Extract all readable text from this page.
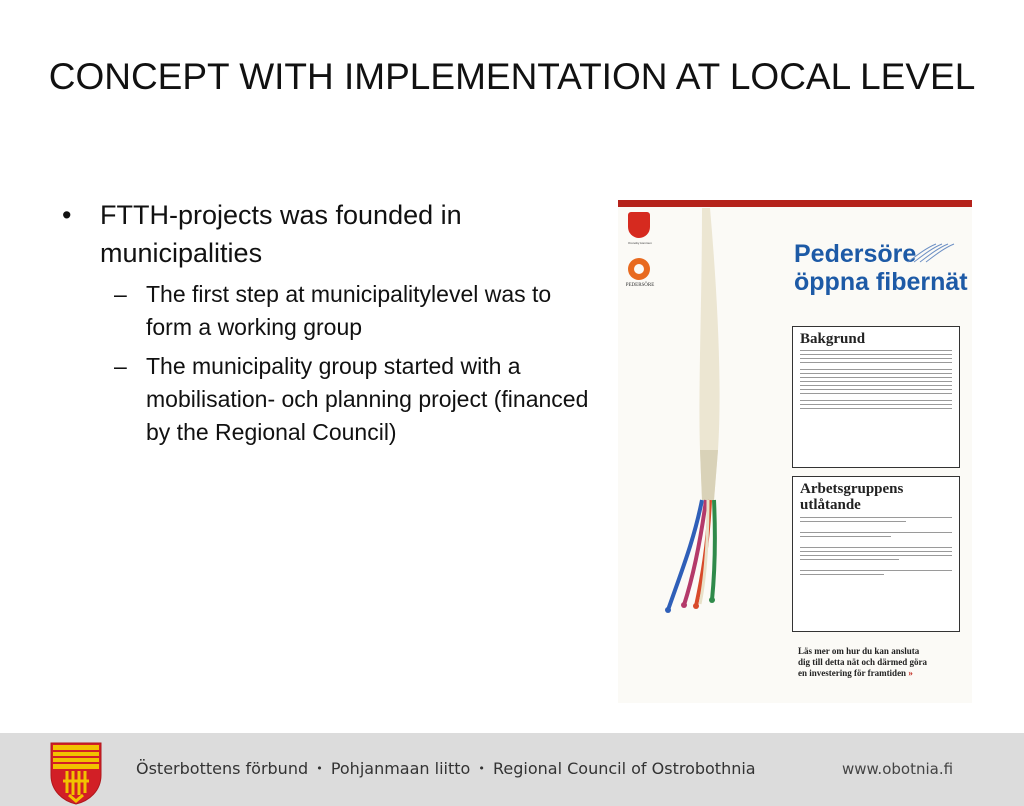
CONCEPT WITH IMPLEMENTATION AT LOCAL LEVEL
• FTTH-projects was founded in municipalities
– The first step at municipalitylevel was to form a working group
– The municipality group started with a mobilisation- och planning project (financed by the Regional Council)
Kronoby kommun
PEDERSÖRE
Pedersöre
öppna fibernät
Bakgrund
Arbetsgruppens
utlåtande
Läs mer om hur du kan ansluta
dig till detta nät och därmed göra
en investering för framtiden »
Österbottens förbund • Pohjanmaan liitto • Regional Council of Ostrobothnia	www.obotnia.fi
